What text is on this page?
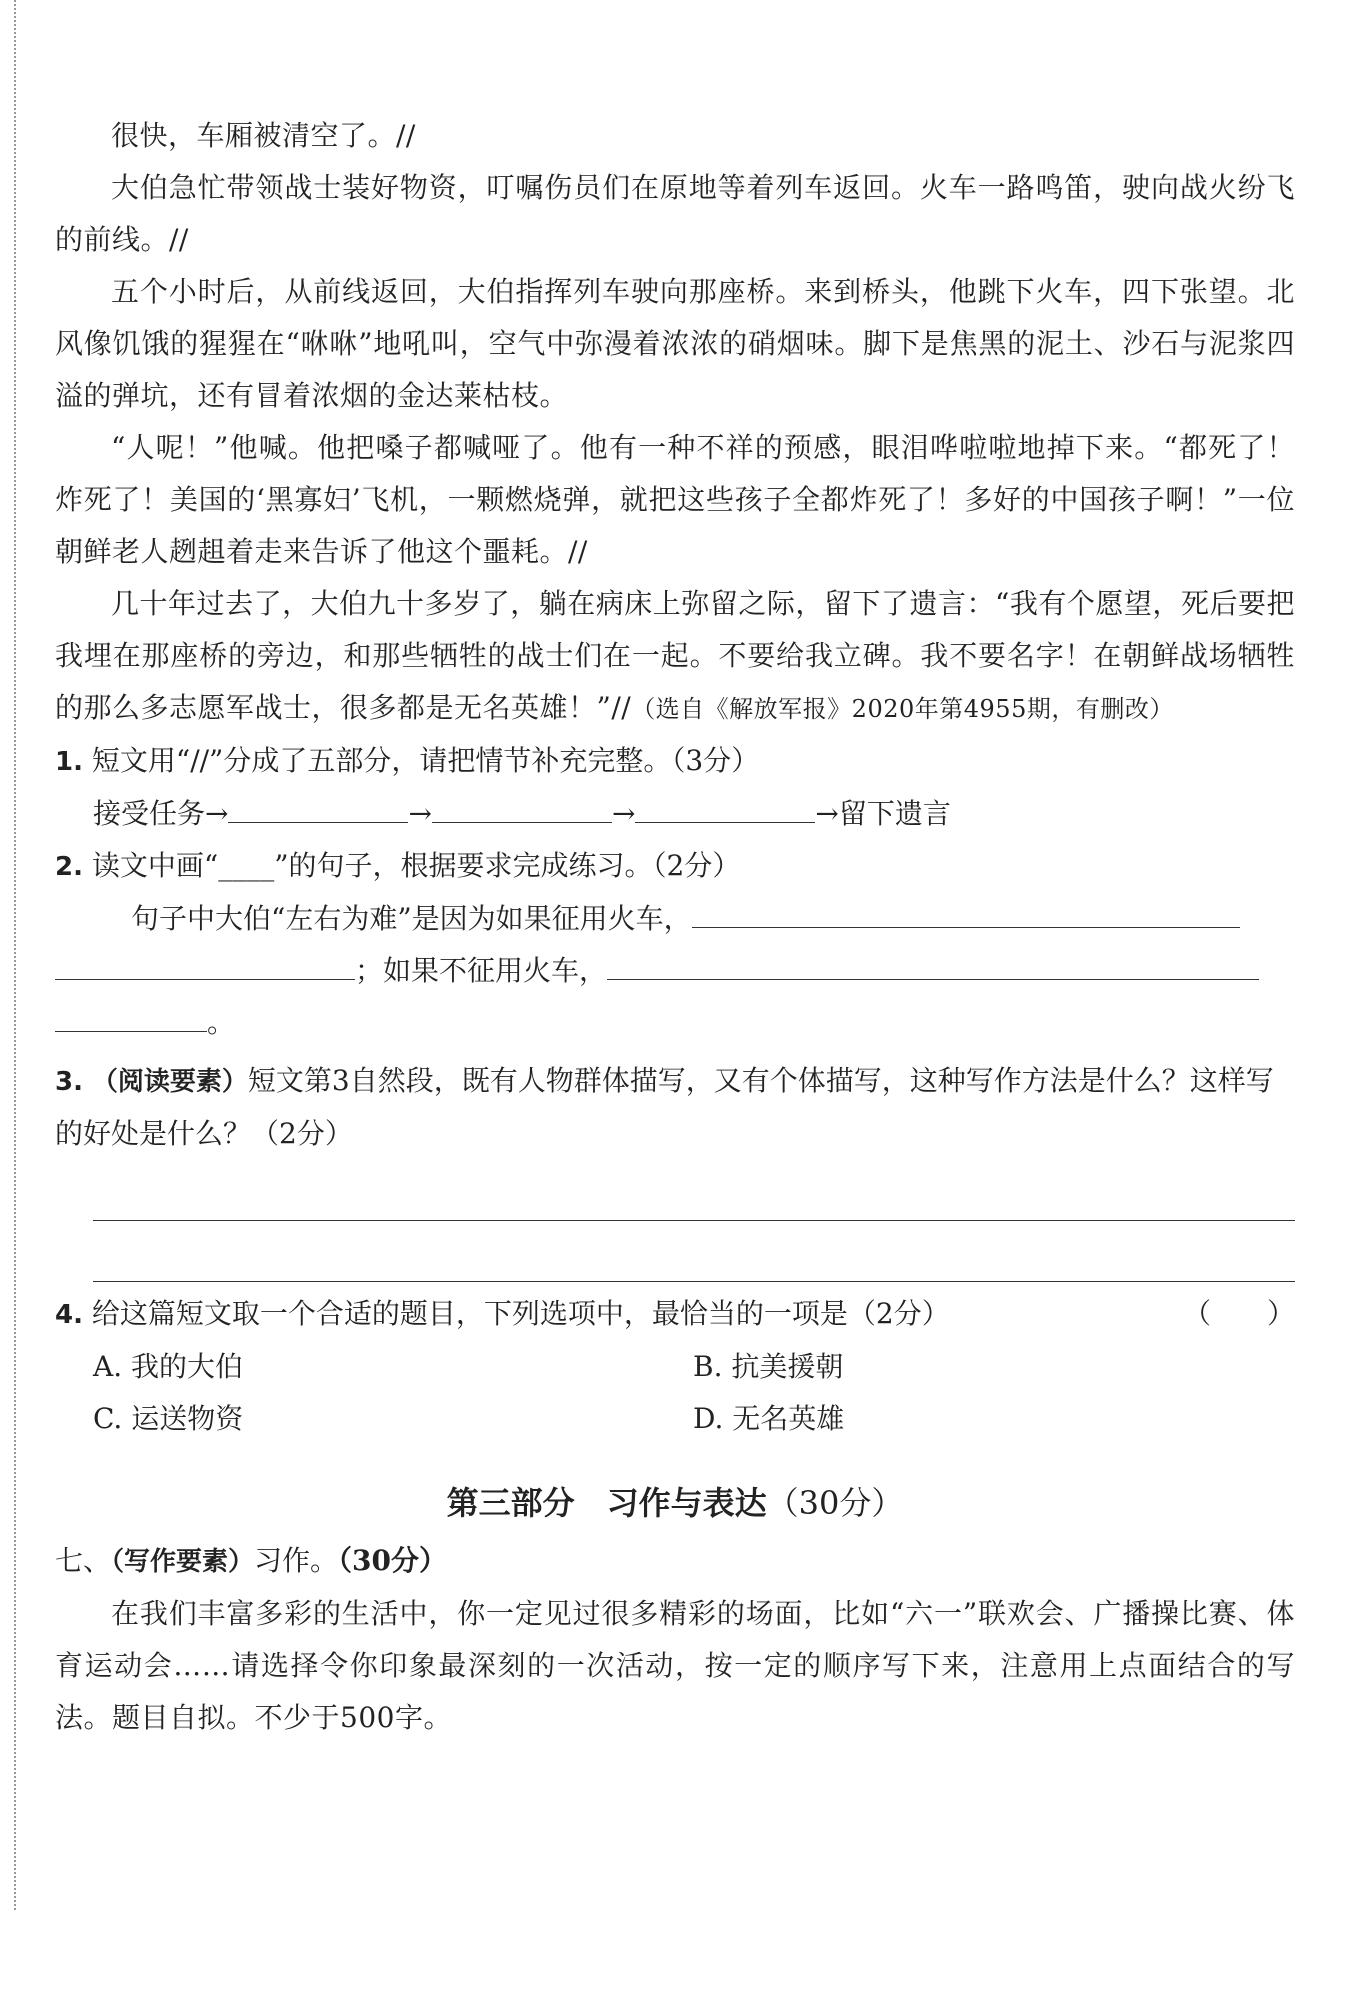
很快，车厢被清空了。//

大伯急忙带领战士装好物资，叮嘱伤员们在原地等着列车返回。火车一路鸣笛，驶向战火纷飞的前线。//

五个小时后，从前线返回，大伯指挥列车驶向那座桥。来到桥头，他跳下火车，四下张望。北风像饥饿的猩猩在“咻咻”地吼叫，空气中弥漫着浓浓的硝烟味。脚下是焦黑的泥土、沙石与泥浆四溢的弹坑，还有冒着浓烟的金达莱枯枝。

“人呢！”他喊。他把嗓子都喊哑了。他有一种不祥的预感，眼泪哗啦啦地掉下来。“都死了！炸死了！美国的‘黑寡妇’飞机，一颗燃烧弹，就把这些孩子全都炸死了！多好的中国孩子啊！”一位朝鲜老人趔趄着走来告诉了他这个噩耗。//

几十年过去了，大伯九十多岁了，躺在病床上弥留之际，留下了遗言：“我有个愿望，死后要把我埋在那座桥的旁边，和那些牺牲的战士们在一起。不要给我立碑。我不要名字！在朝鲜战场牺牲的那么多志愿军战士，很多都是无名英雄！”//（选自《解放军报》2020年第4955期，有删改）

1. 短文用“//”分成了五部分，请把情节补充完整。（3分）

接受任务→	→	→	→留下遗言

2. 读文中画“____”的句子，根据要求完成练习。（2分）

句子中大伯“左右为难”是因为如果征用火车，

；如果不征用火车，

。

3. （阅读要素）短文第3自然段，既有人物群体描写，又有个体描写，这种写作方法是什么？这样写的好处是什么？（2分）

4. 给这篇短文取一个合适的题目，下列选项中，最恰当的一项是（2分）	（　　）

A. 我的大伯	B. 抗美援朝
C. 运送物资	D. 无名英雄
第三部分　习作与表达（30分）

七、（写作要素）习作。（30分）

在我们丰富多彩的生活中，你一定见过很多精彩的场面，比如“六一”联欢会、广播操比赛、体育运动会……请选择令你印象最深刻的一次活动，按一定的顺序写下来，注意用上点面结合的写法。题目自拟。不少于500字。
